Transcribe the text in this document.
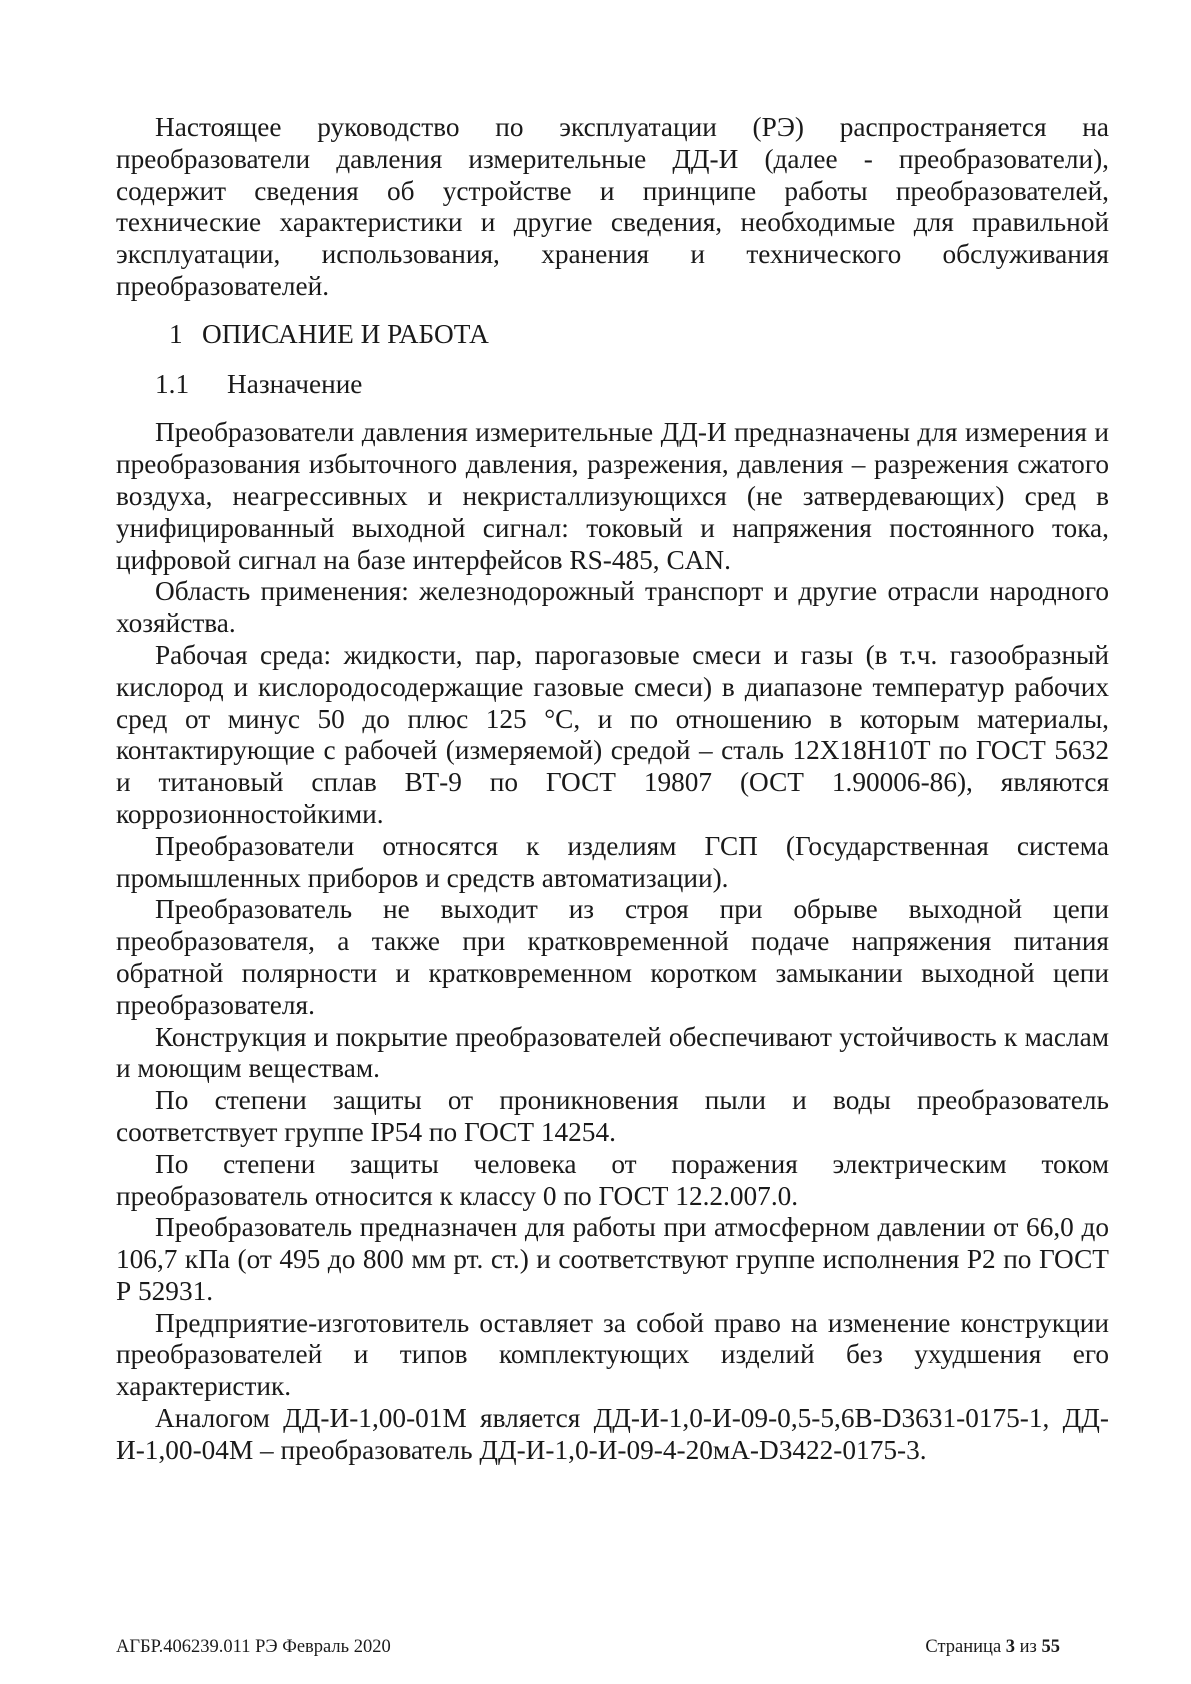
Настоящее руководство по эксплуатации (РЭ) распространяется на преобразователи давления измерительные ДД-И (далее - преобразователи), содержит сведения об устройстве и принципе работы преобразователей, технические характеристики и другие сведения, необходимые для правильной эксплуатации, использования, хранения и технического обслуживания преобразователей.

1 ОПИСАНИЕ И РАБОТА
1.1	Назначение

Преобразователи давления измерительные ДД-И предназначены для измерения и преобразования избыточного давления, разрежения, давления – разрежения сжатого воздуха, неагрессивных и некристаллизующихся (не затвердевающих) сред в унифицированный выходной сигнал: токовый и напряжения постоянного тока, цифровой сигнал на базе интерфейсов RS-485, CAN.

Область применения: железнодорожный транспорт и другие отрасли народного хозяйства.

Рабочая среда: жидкости, пар, парогазовые смеси и газы (в т.ч. газообразный кислород и кислородосодержащие газовые смеси) в диапазоне температур рабочих сред от минус 50 до плюс 125 °С, и по отношению в которым материалы, контактирующие с рабочей (измеряемой) средой – сталь 12Х18Н10Т по ГОСТ 5632 и титановый сплав ВТ-9 по ГОСТ 19807 (ОСТ 1.90006-86), являются коррозионностойкими.

Преобразователи относятся к изделиям ГСП (Государственная система промышленных приборов и средств автоматизации).

Преобразователь не выходит из строя при обрыве выходной цепи преобразователя, а также при кратковременной подаче напряжения питания обратной полярности и кратковременном коротком замыкании выходной цепи преобразователя.

Конструкция и покрытие преобразователей обеспечивают устойчивость к маслам и моющим веществам.

По степени защиты от проникновения пыли и воды преобразователь соответствует группе IP54 по ГОСТ 14254.

По степени защиты человека от поражения электрическим током преобразователь относится к классу 0 по ГОСТ 12.2.007.0.

Преобразователь предназначен для работы при атмосферном давлении от 66,0 до 106,7 кПа (от 495 до 800 мм рт. ст.) и соответствуют группе исполнения Р2 по ГОСТ Р 52931.

Предприятие-изготовитель оставляет за собой право на изменение конструкции преобразователей и типов комплектующих изделий без ухудшения его характеристик.

Аналогом ДД-И-1,00-01М является ДД-И-1,0-И-09-0,5-5,6В-D3631-0175-1, ДД-И-1,00-04М – преобразователь ДД-И-1,0-И-09-4-20мА-D3422-0175-3.

АГБР.406239.011 РЭ Февраль 2020	Страница 3 из 55
